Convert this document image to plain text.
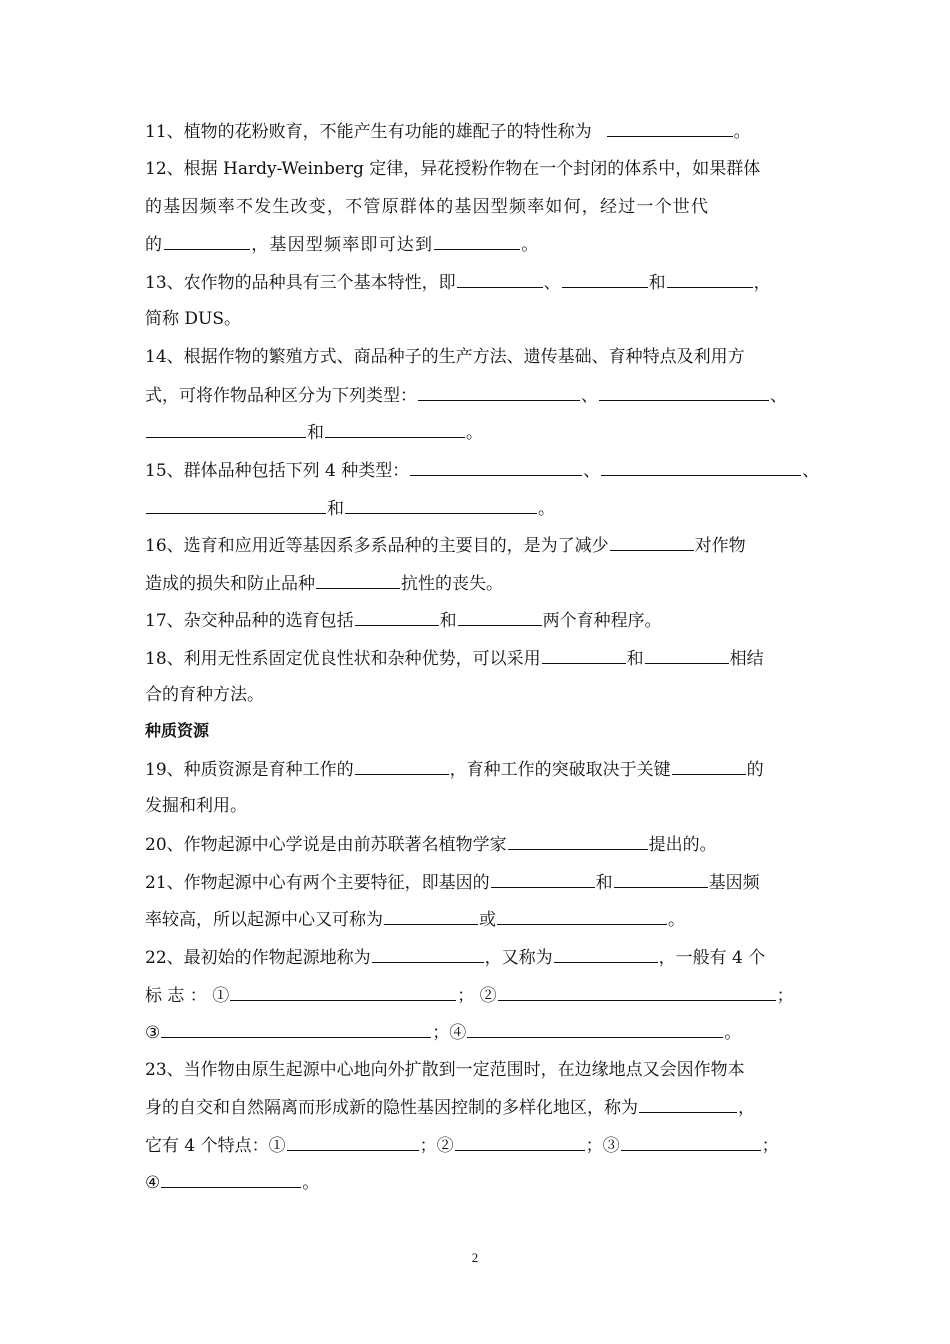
11、植物的花粉败育，不能产生有功能的雄配子的特性称为	。
12、根据 Hardy-Weinberg 定律，异花授粉作物在一个封闭的体系中，如果群体
的基因频率不发生改变，不管原群体的基因型频率如何，经过一个世代
的	，基因型频率即可达到	。
13、农作物的品种具有三个基本特性，即	、	和	，
简称 DUS。
14、根据作物的繁殖方式、商品种子的生产方法、遗传基础、育种特点及利用方
式，可将作物品种区分为下列类型：	、	、
和	。
15、群体品种包括下列 4 种类型：	、	、
和	。
16、选育和应用近等基因系多系品种的主要目的，是为了减少	对作物
造成的损失和防止品种	抗性的丧失。
17、杂交种品种的选育包括	和	两个育种程序。
18、利用无性系固定优良性状和杂种优势，可以采用	和	相结
合的育种方法。
种质资源
19、种质资源是育种工作的	，育种工作的突破取决于关键	的
发掘和利用。
20、作物起源中心学说是由前苏联著名植物学家	提出的。
21、作物起源中心有两个主要特征，即基因的	和	基因频
率较高，所以起源中心又可称为	或	。
22、最初始的作物起源地称为	，又称为	，一般有 4 个
标 志 ： ①	； ②	；
③	；④	。
23、当作物由原生起源中心地向外扩散到一定范围时，在边缘地点又会因作物本
身的自交和自然隔离而形成新的隐性基因控制的多样化地区，称为	，
它有 4 个特点：①	；②	；③	；
④	。
2
